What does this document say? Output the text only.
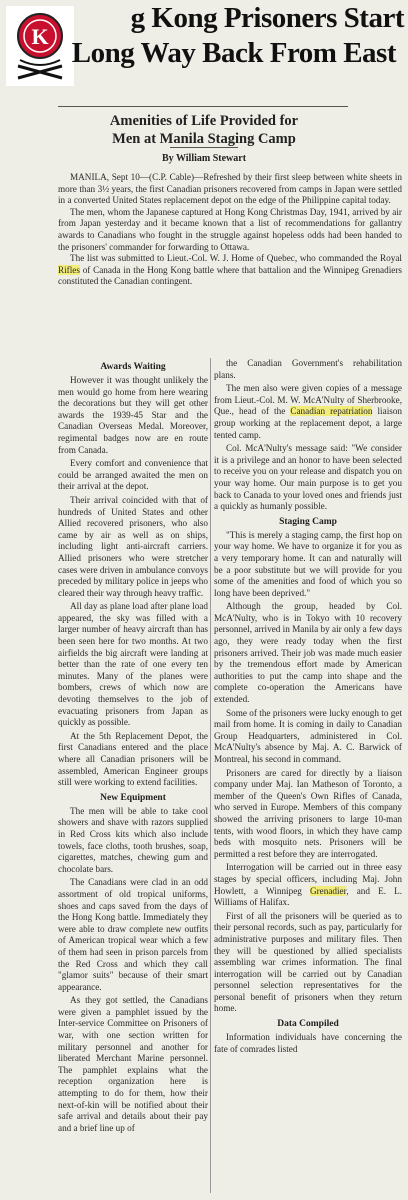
K
g Kong Prisoners Start
Long Way Back From East
Amenities of Life Provided for
Men at Manila Staging Camp
By William Stewart

MANILA, Sept 10—(C.P. Cable)—Refreshed by their first sleep between white sheets in more than 3½ years, the first Canadian prisoners recovered from camps in Japan were settled in a converted United States replacement depot on the edge of the Philippine capital today.

The men, whom the Japanese captured at Hong Kong Christmas Day, 1941, arrived by air from Japan yesterday and it became known that a list of recommendations for gallantry awards to Canadians who fought in the struggle against hopeless odds had been handed to the prisoners' commander for forwarding to Ottawa.

The list was submitted to Lieut.-Col. W. J. Home of Quebec, who commanded the Royal Rifles of Canada in the Hong Kong battle where that battalion and the Winnipeg Grenadiers constituted the Canadian contingent.

Awards Waiting

However it was thought unlikely the men would go home from here wearing the decorations but they will get other awards the 1939-45 Star and the Canadian Overseas Medal. Moreover, regimental badges now are en route from Canada.

Every comfort and convenience that could be arranged awaited the men on their arrival at the depot.

Their arrival coincided with that of hundreds of United States and other Allied recovered prisoners, who also came by air as well as on ships, including light anti-aircraft carriers. Allied prisoners who were stretcher cases were driven in ambulance convoys preceded by military police in jeeps who cleared their way through heavy traffic.

All day as plane load after plane load appeared, the sky was filled with a larger number of heavy aircraft than has been seen here for two months. At two airfields the big aircraft were landing at better than the rate of one every ten minutes. Many of the planes were bombers, crews of which now are devoting themselves to the job of evacuating prisoners from Japan as quickly as possible.

At the 5th Replacement Depot, the first Canadians entered and the place where all Canadian prisoners will be assembled, American Engineer groups still were working to extend facilities.

New Equipment

The men will be able to take cool showers and shave with razors supplied in Red Cross kits which also include towels, face cloths, tooth brushes, soap, cigarettes, matches, chewing gum and chocolate bars.

The Canadians were clad in an odd assortment of old tropical uniforms, shoes and caps saved from the days of the Hong Kong battle. Immediately they were able to draw complete new outfits of American tropical wear which a few of them had seen in prison parcels from the Red Cross and which they call "glamor suits" because of their smart appearance.

As they got settled, the Canadians were given a pamphlet issued by the Inter-service Committee on Prisoners of war, with one section written for military personnel and another for liberated Merchant Marine personnel. The pamphlet explains what the reception organization here is attempting to do for them, how their next-of-kin will be notified about their safe arrival and details about their pay and a brief line up of

the Canadian Government's rehabilitation plans.

The men also were given copies of a message from Lieut.-Col. M. W. McA'Nulty of Sherbrooke, Que., head of the Canadian repatriation liaison group working at the replacement depot, a large tented camp.

Col. McA'Nulty's message said: "We consider it is a privilege and an honor to have been selected to receive you on your release and dispatch you on your way home. Our main purpose is to get you back to Canada to your loved ones and friends just a quickly as humanly possible.

Staging Camp

"This is merely a staging camp, the first hop on your way home. We have to organize it for you as a very temporary home. It can and naturally will be a poor substitute but we will provide for you some of the amenities and food of which you so long have been deprived."

Although the group, headed by Col. McA'Nulty, who is in Tokyo with 10 recovery personnel, arrived in Manila by air only a few days ago, they were ready today when the first prisoners arrived. Their job was made much easier by the tremendous effort made by American authorities to put the camp into shape and the complete co-operation the Americans have extended.

Some of the prisoners were lucky enough to get mail from home. It is coming in daily to Canadian Group Headquarters, administered in Col. McA'Nulty's absence by Maj. A. C. Barwick of Montreal, his second in command.

Prisoners are cared for directly by a liaison company under Maj. Ian Matheson of Toronto, a member of the Queen's Own Rifles of Canada, who served in Europe. Members of this company showed the arriving prisoners to large 10-man tents, with wood floors, in which they have camp beds with mosquito nets. Prisoners will be permitted a rest before they are interrogated.

Interrogation will be carried out in three easy stages by special officers, including Maj. John Howlett, a Winnipeg Grenadier, and E. L. Williams of Halifax.

First of all the prisoners will be queried as to their personal records, such as pay, particularly for administrative purposes and military files. Then they will be questioned by allied specialists assembling war crimes information. The final interrogation will be carried out by Canadian personnel selection representatives for the personal benefit of prisoners when they return home.

Data Compiled

Information individuals have concerning the fate of comrades listed
